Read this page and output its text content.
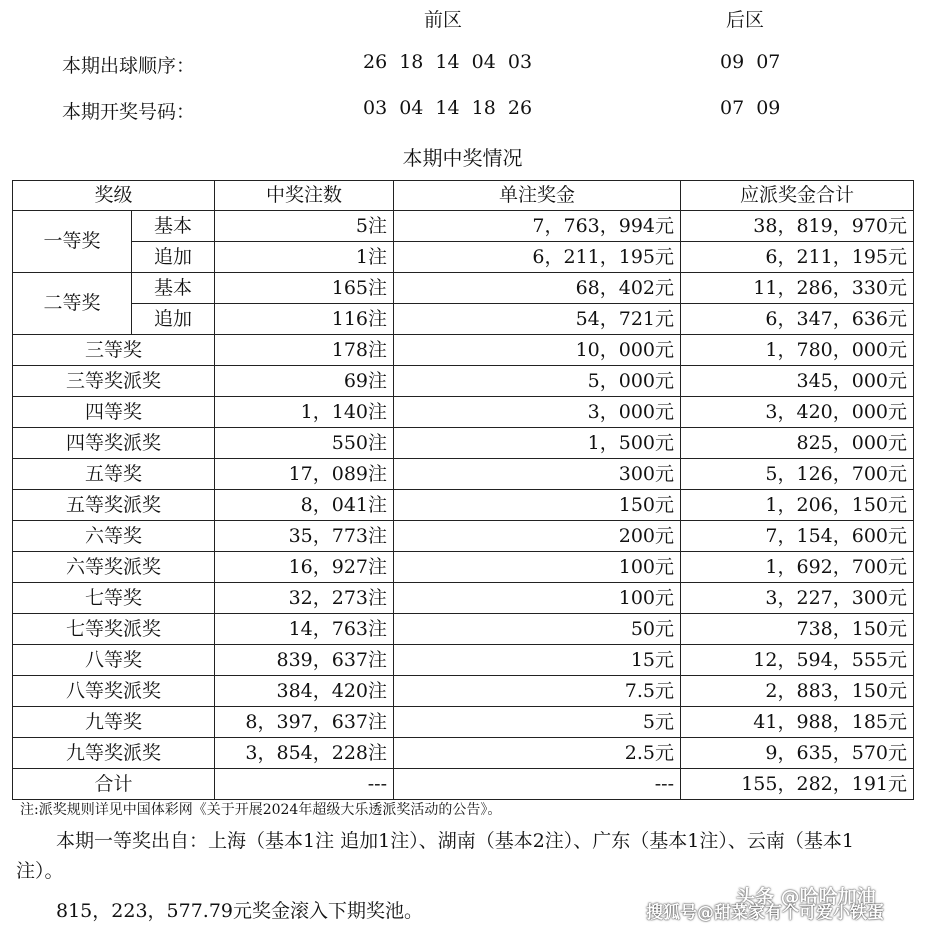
前区	后区
本期出球顺序：	26 18 14 04 03	09 07
本期开奖号码：	03 04 14 18 26	07 09
本期中奖情况
奖级		中奖注数	单注奖金	应派奖金合计
一等奖	基本	5注	7，763，994元	38，819，970元
	追加	1注	6，211，195元	6，211，195元
二等奖	基本	165注	68，402元	11，286，330元
	追加	116注	54，721元	6，347，636元
三等奖		178注	10，000元	1，780，000元
三等奖派奖		69注	5，000元	345，000元
四等奖		1，140注	3，000元	3，420，000元
四等奖派奖		550注	1，500元	825，000元
五等奖		17，089注	300元	5，126，700元
五等奖派奖		8，041注	150元	1，206，150元
六等奖		35，773注	200元	7，154，600元
六等奖派奖		16，927注	100元	1，692，700元
七等奖		32，273注	100元	3，227，300元
七等奖派奖		14，763注	50元	738，150元
八等奖		839，637注	15元	12，594，555元
八等奖派奖		384，420注	7.5元	2，883，150元
九等奖		8，397，637注	5元	41，988，185元
九等奖派奖		3，854，228注	2.5元	9，635，570元
合计		---	---	155，282，191元
注:派奖规则详见中国体彩网《关于开展2024年超级大乐透派奖活动的公告》。
本期一等奖出自：上海（基本1注 追加1注）、湖南（基本2注）、广东（基本1注）、云南（基本1注）。
815，223，577.79元奖金滚入下期奖池。
头条 @哈哈加油
搜狐号@甜菜家有个可爱小铁蛋
